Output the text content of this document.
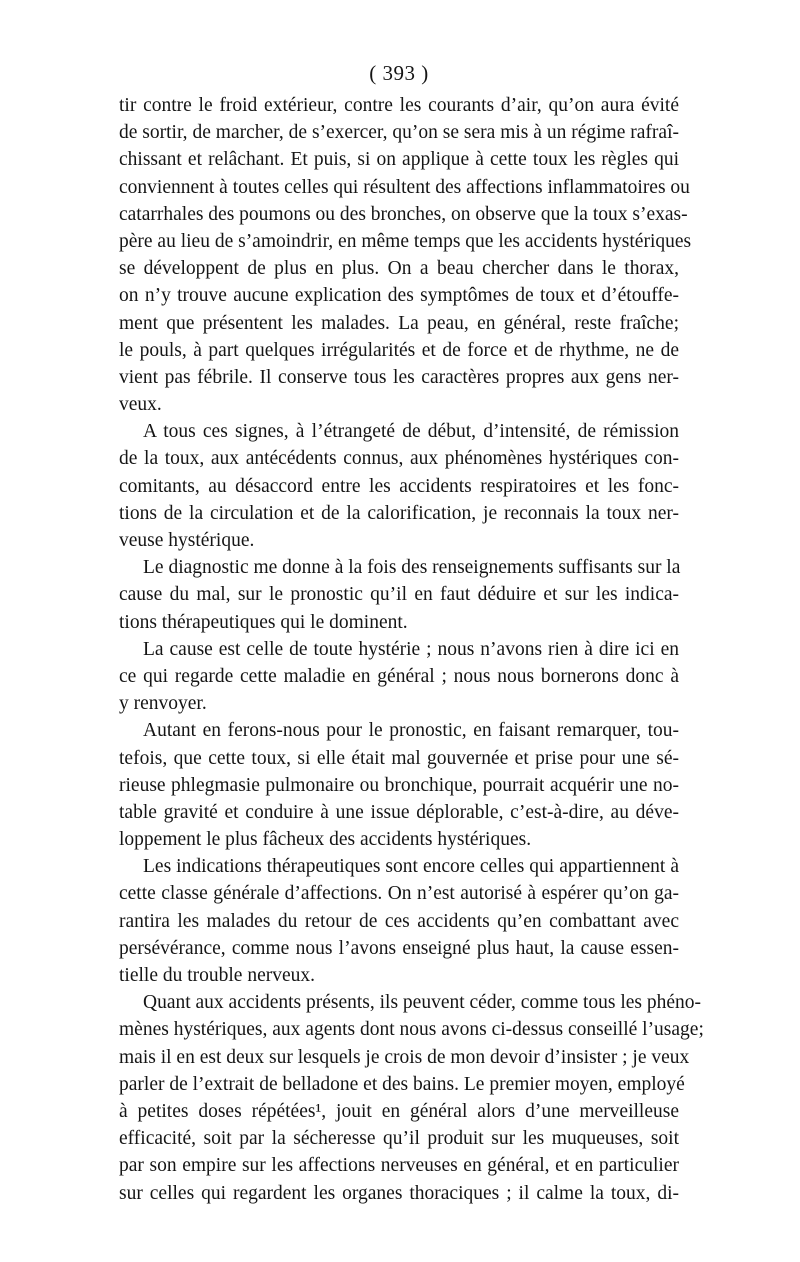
( 393 )
tir contre le froid extérieur, contre les courants d’air, qu’on aura évité
de sortir, de marcher, de s’exercer, qu’on se sera mis à un régime rafraî-
chissant et relâchant. Et puis, si on applique à cette toux les règles qui
conviennent à toutes celles qui résultent des affections inflammatoires ou
catarrhales des poumons ou des bronches, on observe que la toux s’exas-
père au lieu de s’amoindrir, en même temps que les accidents hystériques
se développent de plus en plus. On a beau chercher dans le thorax,
on n’y trouve aucune explication des symptômes de toux et d’étouffe-
ment que présentent les malades. La peau, en général, reste fraîche;
le pouls, à part quelques irrégularités et de force et de rhythme, ne de
vient pas fébrile. Il conserve tous les caractères propres aux gens ner-
veux.
A tous ces signes, à l’étrangeté de début, d’intensité, de rémission
de la toux, aux antécédents connus, aux phénomènes hystériques con-
comitants, au désaccord entre les accidents respiratoires et les fonc-
tions de la circulation et de la calorification, je reconnais la toux ner-
veuse hystérique.
Le diagnostic me donne à la fois des renseignements suffisants sur la
cause du mal, sur le pronostic qu’il en faut déduire et sur les indica-
tions thérapeutiques qui le dominent.
La cause est celle de toute hystérie ; nous n’avons rien à dire ici en
ce qui regarde cette maladie en général ; nous nous bornerons donc à
y renvoyer.
Autant en ferons-nous pour le pronostic, en faisant remarquer, tou-
tefois, que cette toux, si elle était mal gouvernée et prise pour une sé-
rieuse phlegmasie pulmonaire ou bronchique, pourrait acquérir une no-
table gravité et conduire à une issue déplorable, c’est-à-dire, au déve-
loppement le plus fâcheux des accidents hystériques.
Les indications thérapeutiques sont encore celles qui appartiennent à
cette classe générale d’affections. On n’est autorisé à espérer qu’on ga-
rantira les malades du retour de ces accidents qu’en combattant avec
persévérance, comme nous l’avons enseigné plus haut, la cause essen-
tielle du trouble nerveux.
Quant aux accidents présents, ils peuvent céder, comme tous les phéno-
mènes hystériques, aux agents dont nous avons ci-dessus conseillé l’usage;
mais il en est deux sur lesquels je crois de mon devoir d’insister ; je veux
parler de l’extrait de belladone et des bains. Le premier moyen, employé
à petites doses répétées¹, jouit en général alors d’une merveilleuse
efficacité, soit par la sécheresse qu’il produit sur les muqueuses, soit
par son empire sur les affections nerveuses en général, et en particulier
sur celles qui regardent les organes thoraciques ; il calme la toux, di-
